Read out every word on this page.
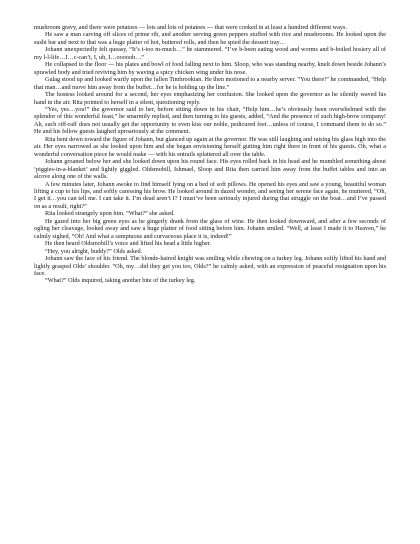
mushroom gravy, and there were potatoes — lots and lots of potatoes — that were cooked in at least a hundred different ways.

He saw a man carving off slices of prime rib, and another serving green peppers stuffed with rice and mushrooms. He looked upon the sushi bar and next to that was a huge platter of hot, buttered rolls, and then he spied the dessert tray…

Johann unexpectedly felt queasy, “It’s t-too m-much…” he stammered. “I’ve b-been eating wood and worms and b-boiled hosiery all of my l-l-life…I…c-can’t, I, uh, I…oooooh…”

He collapsed to the floor — his plates and bowl of food falling next to him. Sloop, who was standing nearby, knelt down beside Johann’s sprawled body and tried reviving him by waving a spicy chicken wing under his nose.

Gulag stood up and looked warily upon the fallen Timbrookian. He then motioned to a nearby server. “You there!” he commanded, “Help that man…and move him away from the buffet…for he is holding up the line.”

The hostess looked around for a second, her eyes emphasizing her confusion. She looked upon the governor as he silently waved his hand in the air. Rita pointed to herself in a silent, questioning reply.

“Yes, yes…you!” the governor said to her, before sitting down in his chair, “Help him…he’s obviously been overwhelmed with the splendor of this wonderful feast,” he smarmily replied, and then turning to his guests, added, “And the presence of such high-brow company! Ah, such riff-raff does not usually get the opportunity to even kiss our noble, pedicured feet…unless of course, I command them to do so.” He and his fellow guests laughed uproariously at the comment.

Rita bent down toward the figure of Johann, but glanced up again at the governor. He was still laughing and raising his glass high into the air. Her eyes narrowed as she looked upon him and she began envisioning herself gutting him right there in front of his guests. Oh, what a wonderful conversation piece he would make — with his entrails splattered all over the table.

Johann groaned below her and she looked down upon his round face. His eyes rolled back in his head and he mumbled something about ‘piggies-in-a-blanket’ and lightly giggled. Oldsmobill, Ishmael, Sloop and Rita then carried him away from the buffet tables and into an alcove along one of the walls.

A few minutes later, Johann awoke to find himself lying on a bed of soft pillows. He opened his eyes and saw a young, beautiful woman lifting a cup to his lips, and softly caressing his brow. He looked around in dazed wonder, and seeing her serene face again, he muttered, “Oh, I get it…you can tell me. I can take it. I’m dead aren’t I? I must’ve been seriously injured during that struggle on the boat…and I’ve passed on as a result, right?”

Rita looked strangely upon him. “What?” she asked.

He gazed into her big green eyes as he gingerly drank from the glass of wine. He then looked downward, and after a few seconds of ogling her cleavage, looked away and saw a huge platter of food sitting before him. Johann smiled. “Well, at least I made it to Heaven,” he calmly sighed, “Oh! And what a sumptuous and curvaceous place it is, indeed!”

He then heard Oldsmobill’s voice and lifted his head a little higher.

“Hey, you alright, buddy?” Olds asked.

Johann saw the face of his friend. The blonde-haired knight was smiling while chewing on a turkey leg. Johann softly lifted his hand and lightly grasped Olds’ shoulder. “Oh, my…did they get you too, Olds?” he calmly asked, with an expression of peaceful resignation upon his face.

“What?” Olds inquired, taking another bite of the turkey leg.
